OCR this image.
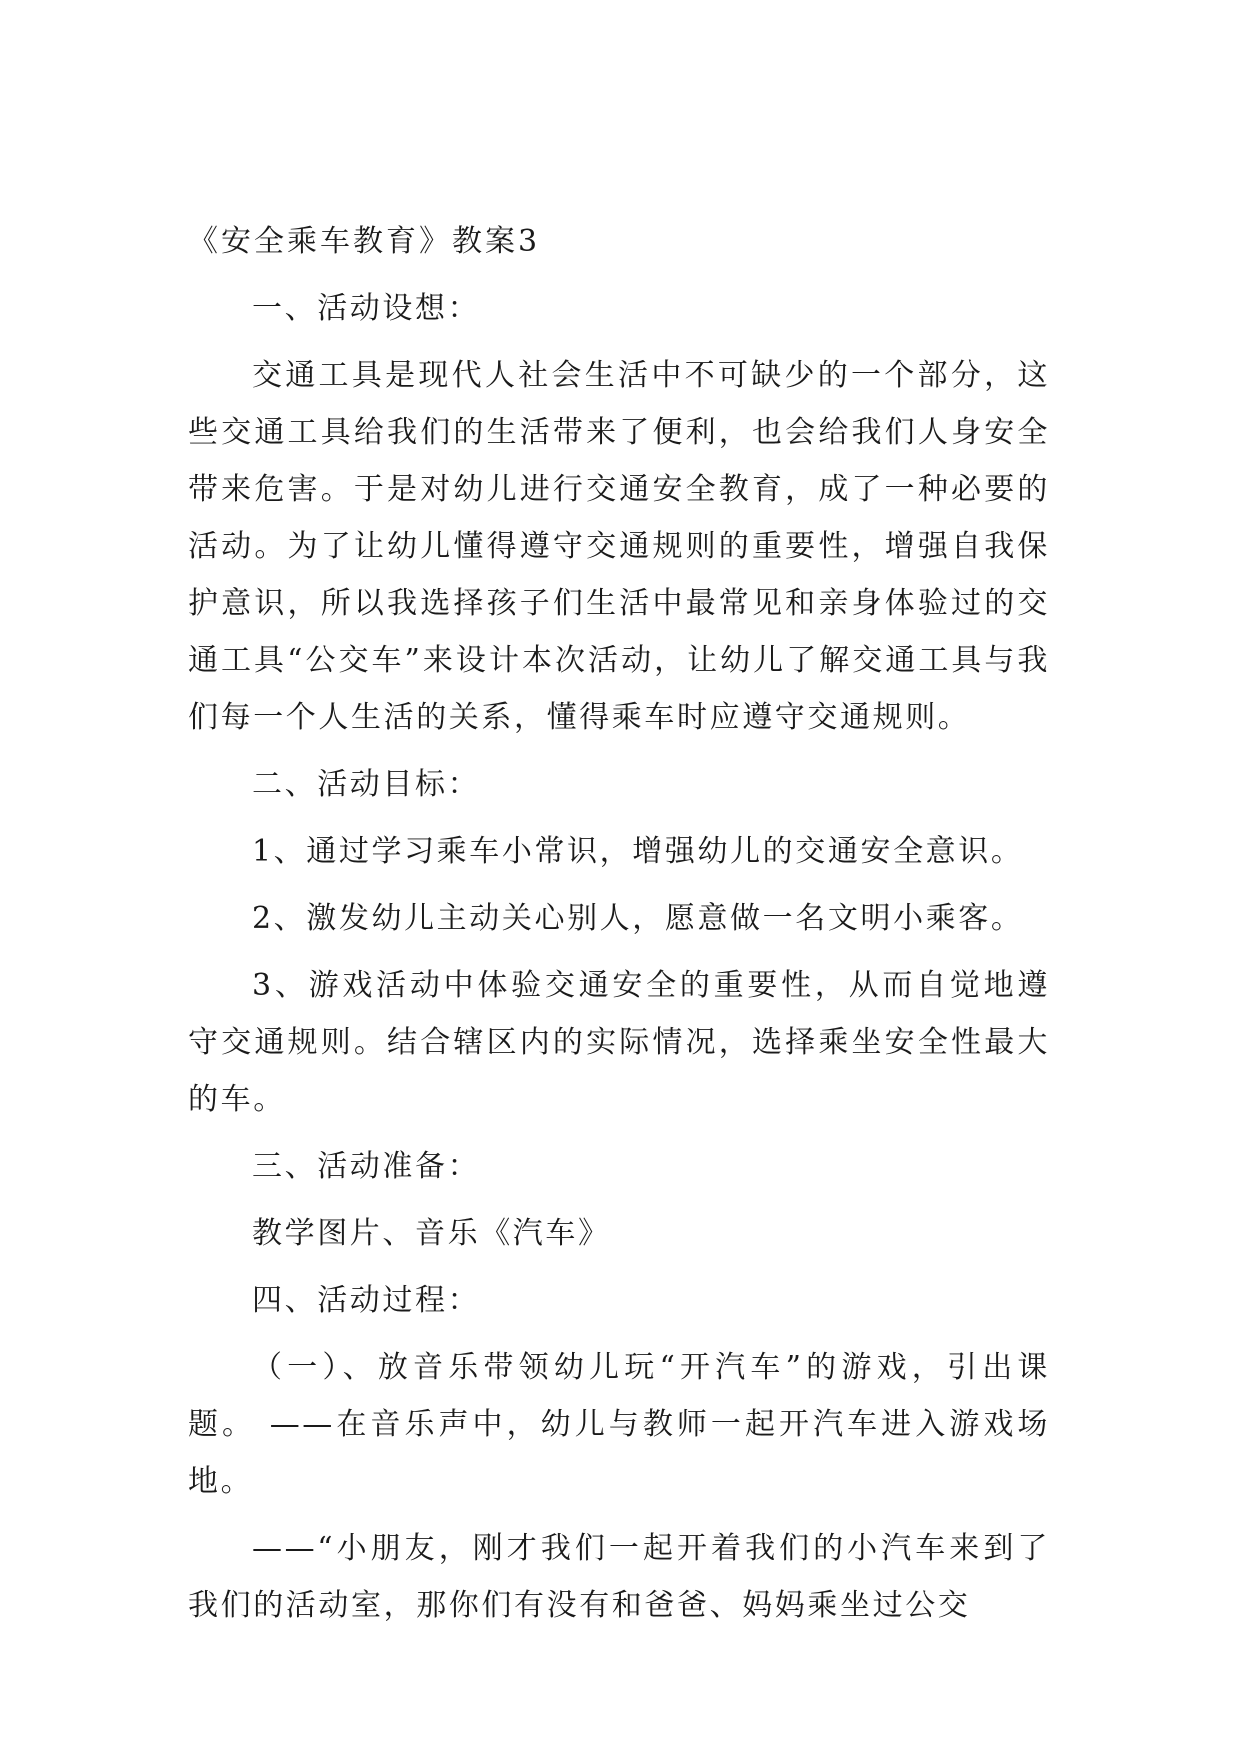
《安全乘车教育》教案3

一、活动设想：

交通工具是现代人社会生活中不可缺少的一个部分，这些交通工具给我们的生活带来了便利，也会给我们人身安全带来危害。于是对幼儿进行交通安全教育，成了一种必要的活动。为了让幼儿懂得遵守交通规则的重要性，增强自我保护意识，所以我选择孩子们生活中最常见和亲身体验过的交通工具“公交车”来设计本次活动，让幼儿了解交通工具与我们每一个人生活的关系，懂得乘车时应遵守交通规则。

二、活动目标：

1、通过学习乘车小常识，增强幼儿的交通安全意识。

2、激发幼儿主动关心别人，愿意做一名文明小乘客。

3、游戏活动中体验交通安全的重要性，从而自觉地遵守交通规则。结合辖区内的实际情况，选择乘坐安全性最大的车。

三、活动准备：

教学图片、音乐《汽车》

四、活动过程：

（一）、放音乐带领幼儿玩“开汽车”的游戏，引出课题。 ——在音乐声中，幼儿与教师一起开汽车进入游戏场地。

——“小朋友，刚才我们一起开着我们的小汽车来到了我们的活动室，那你们有没有和爸爸、妈妈乘坐过公交
